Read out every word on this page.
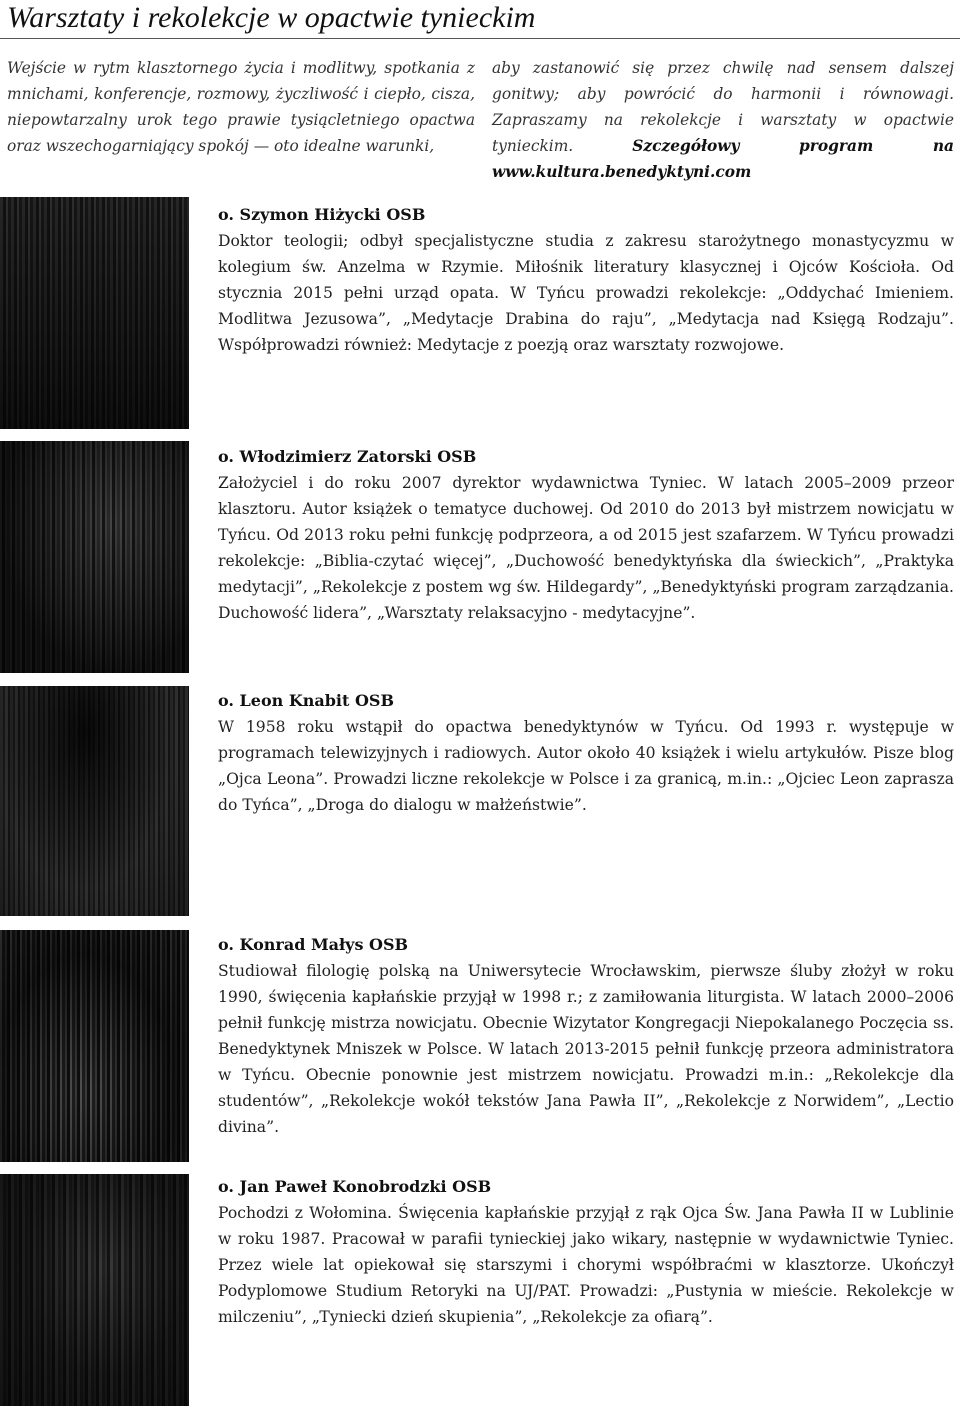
Warsztaty i rekolekcje w opactwie tynieckim

Wejście w rytm klasztornego życia i modlitwy, spotkania z mnichami, konferencje, rozmowy, życzliwość i ciepło, cisza, niepowtarzalny urok tego prawie tysiącletniego opactwa oraz wszechogarniający spokój — oto idealne warunki,

aby zastanowić się przez chwilę nad sensem dalszej gonitwy; aby powrócić do harmonii i równowagi. Zapraszamy na rekolekcje i warsztaty w opactwie tynieckim.	Szczegółowy program na www.kultura.benedyktyni.com

o. Szymon Hiżycki OSB

Doktor teologii; odbył specjalistyczne studia z zakresu starożytnego monastycyzmu w kolegium św. Anzelma w Rzymie. Miłośnik literatury klasycznej i Ojców Kościoła. Od stycznia 2015 pełni urząd opata. W Tyńcu prowadzi rekolekcje: „Oddychać Imieniem. Modlitwa Jezusowa”, „Medytacje Drabina do raju”, „Medytacja nad Księgą Rodzaju”. Współprowadzi również: Medytacje z poezją oraz warsztaty rozwojowe.

o. Włodzimierz Zatorski OSB

Założyciel i do roku 2007 dyrektor wydawnictwa Tyniec. W latach 2005–2009 przeor klasztoru. Autor książek o tematyce duchowej. Od 2010 do 2013 był mistrzem nowicjatu w Tyńcu. Od 2013 roku pełni funkcję podprzeora, a od 2015 jest szafarzem. W Tyńcu prowadzi rekolekcje: „Biblia-czytać więcej”, „Duchowość benedyktyńska dla świeckich”, „Praktyka medytacji”, „Rekolekcje z postem wg św. Hildegardy”, „Benedyktyński program zarządzania. Duchowość lidera”, „Warsztaty relaksacyjno - medytacyjne”.

o. Leon Knabit OSB

W 1958 roku wstąpił do opactwa benedyktynów w Tyńcu. Od 1993 r. występuje w programach telewizyjnych i radiowych. Autor około 40 książek i wielu artykułów. Pisze blog „Ojca Leona”. Prowadzi liczne rekolekcje w Polsce i za granicą, m.in.: „Ojciec Leon zaprasza do Tyńca”, „Droga do dialogu w małżeństwie”.

o. Konrad Małys OSB

Studiował filologię polską na Uniwersytecie Wrocławskim, pierwsze śluby złożył w roku 1990, święcenia kapłańskie przyjął w 1998 r.; z zamiłowania liturgista. W latach 2000–2006 pełnił funkcję mistrza nowicjatu. Obecnie Wizytator Kongregacji Niepokalanego Poczęcia ss. Benedyktynek Mniszek w Polsce. W latach 2013-2015 pełnił funkcję przeora administratora w Tyńcu. Obecnie ponownie jest mistrzem nowicjatu. Prowadzi m.in.: „Rekolekcje dla studentów”, „Rekolekcje wokół tekstów Jana Pawła II”, „Rekolekcje z Norwidem”, „Lectio divina”.

o. Jan Paweł Konobrodzki OSB

Pochodzi z Wołomina. Święcenia kapłańskie przyjął z rąk Ojca Św. Jana Pawła II w Lublinie w roku 1987. Pracował w parafii tynieckiej jako wikary, następnie w wydawnictwie Tyniec. Przez wiele lat opiekował się starszymi i chorymi współbraćmi w klasztorze. Ukończył Podyplomowe Studium Retoryki na UJ/PAT. Prowadzi: „Pustynia w mieście. Rekolekcje w milczeniu”, „Tyniecki dzień skupienia”, „Rekolekcje za ofiarą”.
